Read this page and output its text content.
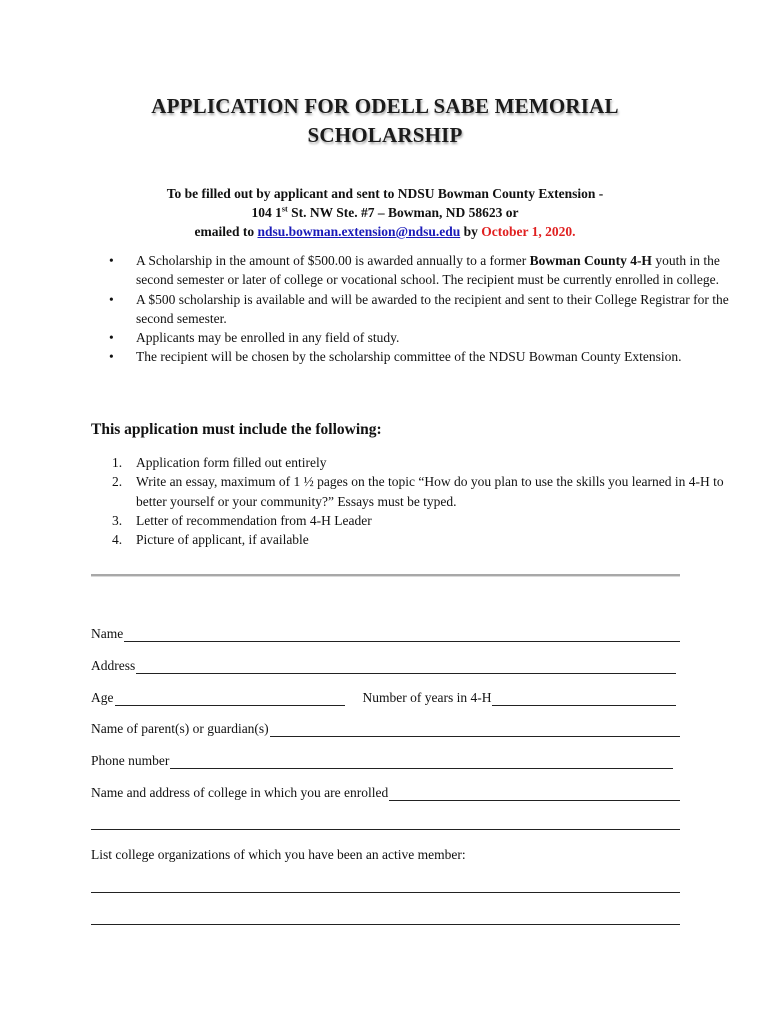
APPLICATION FOR ODELL SABE MEMORIAL
SCHOLARSHIP
To be filled out by applicant and sent to NDSU Bowman County Extension -
104 1st St. NW Ste. #7 – Bowman, ND 58623 or
emailed to ndsu.bowman.extension@ndsu.edu by October 1, 2020.
• A Scholarship in the amount of $500.00 is awarded annually to a former Bowman County 4-H youth in the second semester or later of college or vocational school. The recipient must be currently enrolled in college.
• A $500 scholarship is available and will be awarded to the recipient and sent to their College Registrar for the second semester.
• Applicants may be enrolled in any field of study.
• The recipient will be chosen by the scholarship committee of the NDSU Bowman County Extension.
This application must include the following:
1. Application form filled out entirely
2. Write an essay, maximum of 1 ½ pages on the topic “How do you plan to use the skills you learned in 4-H to better yourself or your community?” Essays must be typed.
3. Letter of recommendation from 4-H Leader
4. Picture of applicant, if available
Name
Address
Age	Number of years in 4-H
Name of parent(s) or guardian(s)
Phone number
Name and address of college in which you are enrolled
List college organizations of which you have been an active member:
